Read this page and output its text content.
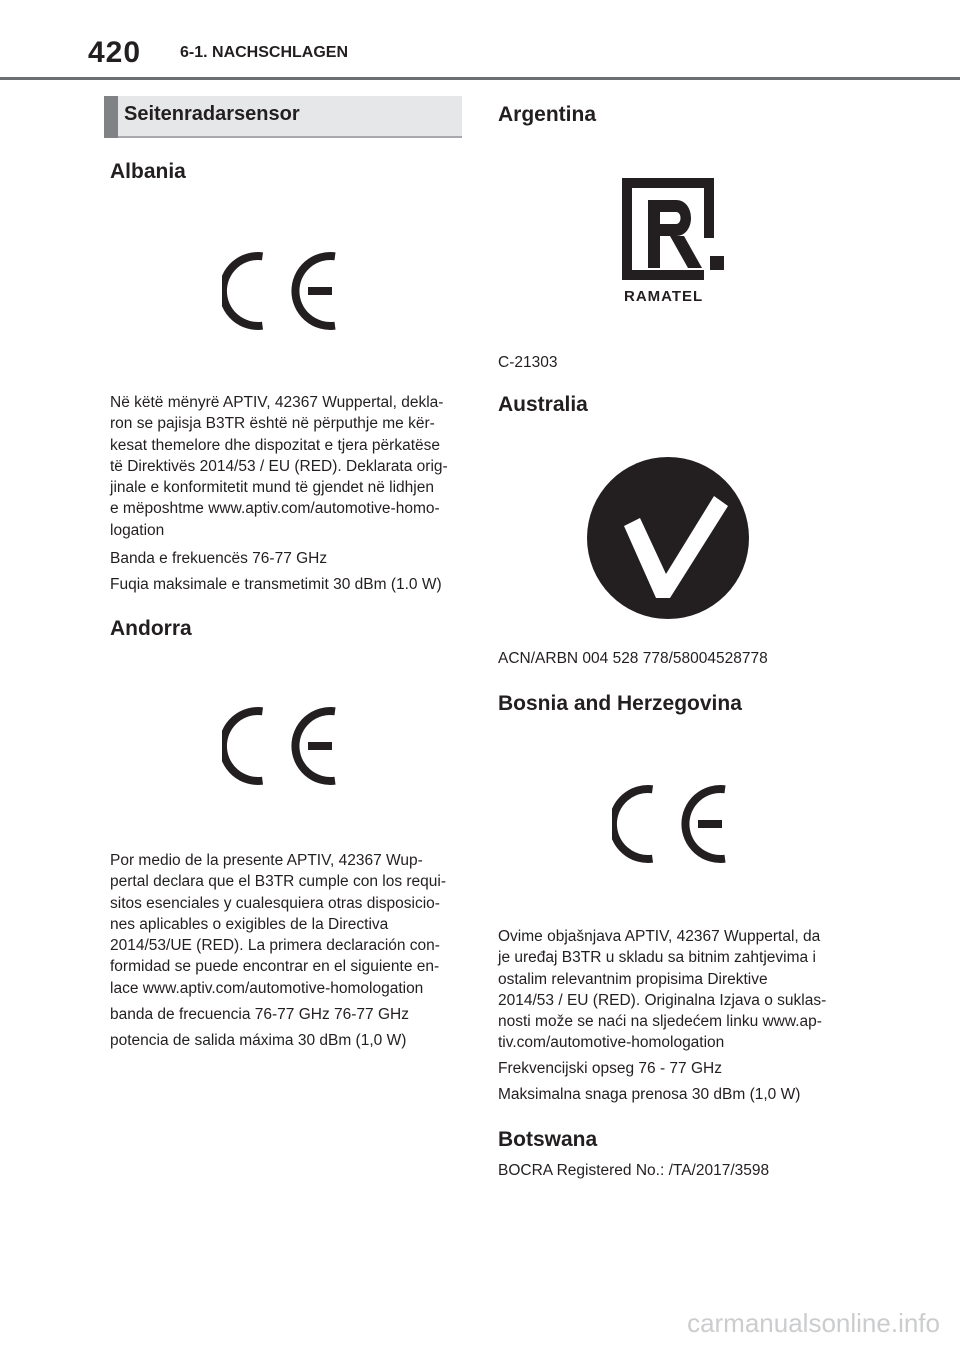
420 6-1. NACHSCHLAGEN
Seitenradarsensor
Albania
Në këtë mënyrë APTIV, 42367 Wuppertal, dekla-
ron se pajisja B3TR është në përputhje me kër-
kesat themelore dhe dispozitat e tjera përkatëse
të Direktivës 2014/53 / EU (RED). Deklarata orig-
jinale e konformitetit mund të gjendet në lidhjen
e mëposhtme www.aptiv.com/automotive-homo-
logation
Banda e frekuencës 76-77 GHz
Fuqia maksimale e transmetimit 30 dBm (1.0 W)
Andorra
Por medio de la presente APTIV, 42367 Wup-
pertal declara que el B3TR cumple con los requi-
sitos esenciales y cualesquiera otras disposicio-
nes aplicables o exigibles de la Directiva
2014/53/UE (RED). La primera declaración con-
formidad se puede encontrar en el siguiente en-
lace www.aptiv.com/automotive-homologation
banda de frecuencia 76-77 GHz 76-77 GHz
potencia de salida máxima 30 dBm (1,0 W)
Argentina
RAMATEL
C-21303
Australia
ACN/ARBN 004 528 778/58004528778
Bosnia and Herzegovina
Ovime objašnjava APTIV, 42367 Wuppertal, da
je uređaj B3TR u skladu sa bitnim zahtjevima i
ostalim relevantnim propisima Direktive
2014/53 / EU (RED). Originalna Izjava o suklas-
nosti može se naći na sljedećem linku www.ap-
tiv.com/automotive-homologation
Frekvencijski opseg 76 - 77 GHz
Maksimalna snaga prenosa 30 dBm (1,0 W)
Botswana
BOCRA Registered No.: /TA/2017/3598
carmanualsonline.info
